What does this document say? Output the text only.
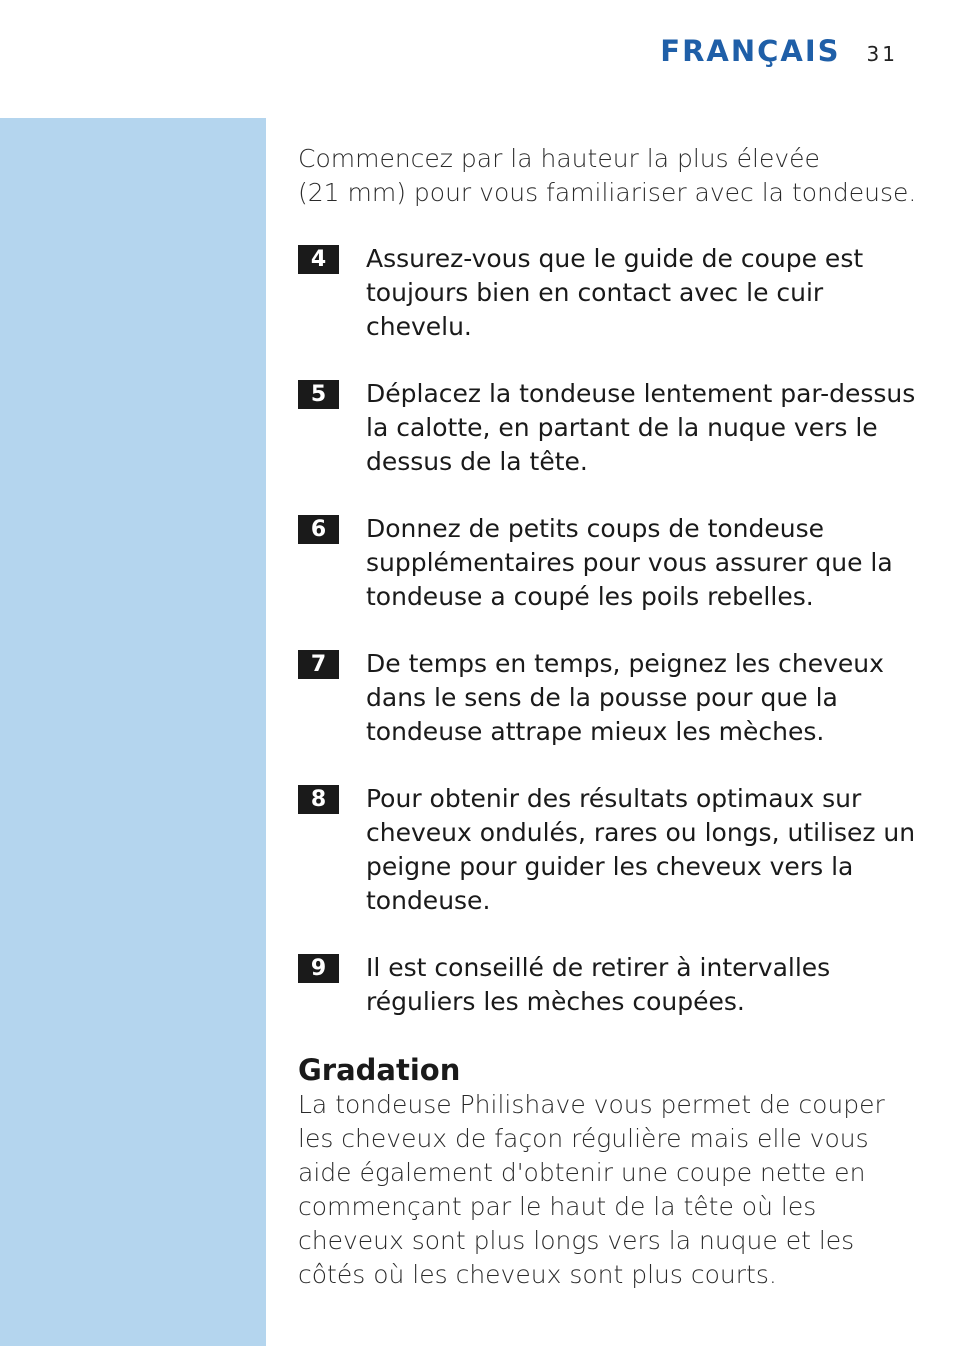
FRANÇAIS 31

Commencez par la hauteur la plus élevée
(21 mm) pour vous familiariser avec la tondeuse.

4	Assurez-vous que le guide de coupe est toujours bien en contact avec le cuir chevelu.

5	Déplacez la tondeuse lentement par-dessus la calotte, en partant de la nuque vers le dessus de la tête.

6	Donnez de petits coups de tondeuse supplémentaires pour vous assurer que la tondeuse a coupé les poils rebelles.

7	De temps en temps, peignez les cheveux dans le sens de la pousse pour que la tondeuse attrape mieux les mèches.

8	Pour obtenir des résultats optimaux sur cheveux ondulés, rares ou longs, utilisez un peigne pour guider les cheveux vers la tondeuse.

9	Il est conseillé de retirer à intervalles réguliers les mèches coupées.

Gradation

La tondeuse Philishave vous permet de couper les cheveux de façon régulière mais elle vous aide également d'obtenir une coupe nette en commençant par le haut de la tête où les cheveux sont plus longs vers la nuque et les côtés où les cheveux sont plus courts.
